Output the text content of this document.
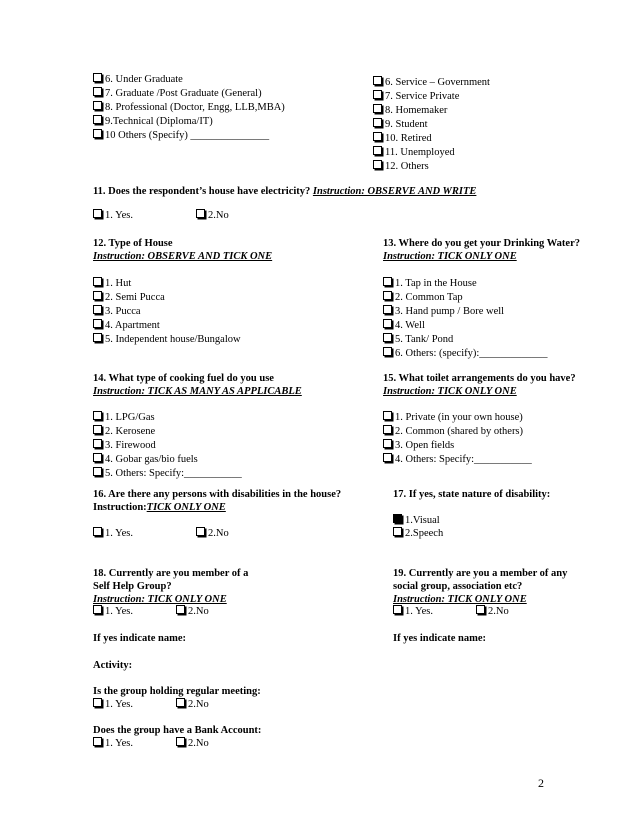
6. Under Graduate
7. Graduate /Post Graduate (General)
8. Professional (Doctor, Engg, LLB,MBA)
9.Technical (Diploma/IT)
10 Others (Specify) _______________
6. Service – Government
7. Service Private
8. Homemaker
9. Student
10. Retired
11. Unemployed
12. Others
11. Does the respondent’s house have electricity? Instruction: OBSERVE AND WRITE
1. Yes.	2.No
12. Type of House
Instruction: OBSERVE AND TICK ONE
1. Hut
2. Semi Pucca
3. Pucca
4. Apartment
5. Independent house/Bungalow
13. Where do you get your Drinking Water?
Instruction: TICK ONLY ONE
1. Tap in the House
2. Common Tap
3. Hand pump / Bore well
4. Well
5. Tank/ Pond
6. Others: (specify):_____________
14. What type of cooking fuel do you use
Instruction: TICK AS MANY AS APPLICABLE
1. LPG/Gas
2. Kerosene
3. Firewood
4. Gobar gas/bio fuels
5. Others: Specify:___________
15. What toilet arrangements do you have?
Instruction: TICK ONLY ONE
1. Private (in your own house)
2. Common (shared by others)
3. Open fields
4. Others: Specify:___________
16. Are there any persons with disabilities in the house?
Instruction:TICK ONLY ONE
1. Yes.	2.No
17. If yes, state nature of disability:
1.Visual
2.Speech
18. Currently are you member of a
Self Help Group?
Instruction: TICK ONLY ONE
1. Yes.	2.No
If yes indicate name:
Activity:
Is the group holding regular meeting:
1. Yes.	2.No
Does the group have a Bank Account:
1. Yes.	2.No
19. Currently are you a member of any
social group, association etc?
Instruction: TICK ONLY ONE
1. Yes.	2.No
If yes indicate name:
2
